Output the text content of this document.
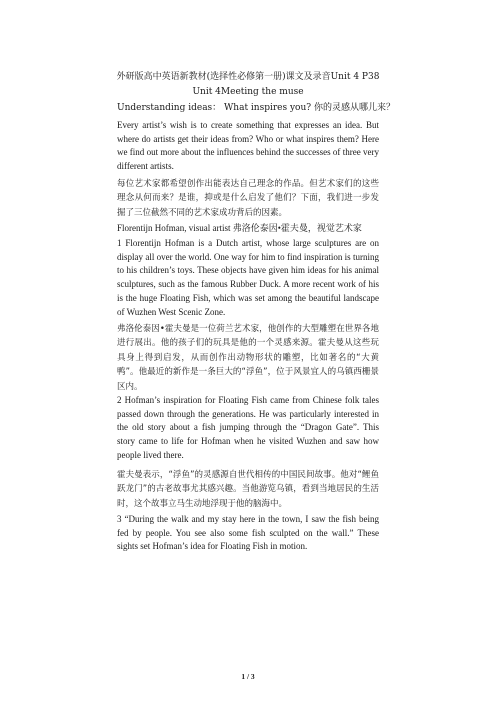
外研版高中英语新教材(选择性必修第一册)课文及录音Unit 4 P38
Unit 4Meeting the muse
Understanding ideas： What inspires you? 你的灵感从哪儿来？
Every artist’s wish is to create something that expresses an idea. But where do artists get their ideas from? Who or what inspires them? Here we find out more about the influences behind the successes of three very different artists.
每位艺术家都希望创作出能表达自己理念的作品。但艺术家们的这些理念从何而来？是谁，抑或是什么启发了他们？下面，我们进一步发掘了三位截然不同的艺术家成功背后的因素。
Florentijn Hofman, visual artist 弗洛伦泰因•霍夫曼，视觉艺术家
1 Florentijn Hofman is a Dutch artist, whose large sculptures are on display all over the world. One way for him to find inspiration is turning to his children’s toys. These objects have given him ideas for his animal sculptures, such as the famous Rubber Duck. A more recent work of his is the huge Floating Fish, which was set among the beautiful landscape of Wuzhen West Scenic Zone.
弗洛伦泰因•霍夫曼是一位荷兰艺术家，他创作的大型雕塑在世界各地进行展出。他的孩子们的玩具是他的一个灵感来源。霍夫曼从这些玩具身上得到启发，从而创作出动物形状的雕塑，比如著名的“大黄鸭”。他最近的新作是一条巨大的“浮鱼”，位于风景宜人的乌镇西栅景区内。
2 Hofman’s inspiration for Floating Fish came from Chinese folk tales passed down through the generations. He was particularly interested in the old story about a fish jumping through the “Dragon Gate”. This story came to life for Hofman when he visited Wuzhen and saw how people lived there.
霍夫曼表示，“浮鱼”的灵感源自世代相传的中国民间故事。他对“鲤鱼跃龙门”的古老故事尤其感兴趣。当他游览乌镇，看到当地居民的生活时，这个故事立马生动地浮现于他的脑海中。
3 “During the walk and my stay here in the town, I saw the fish being fed by people. You see also some fish sculpted on the wall.” These sights set Hofman’s idea for Floating Fish in motion.
1 / 3
